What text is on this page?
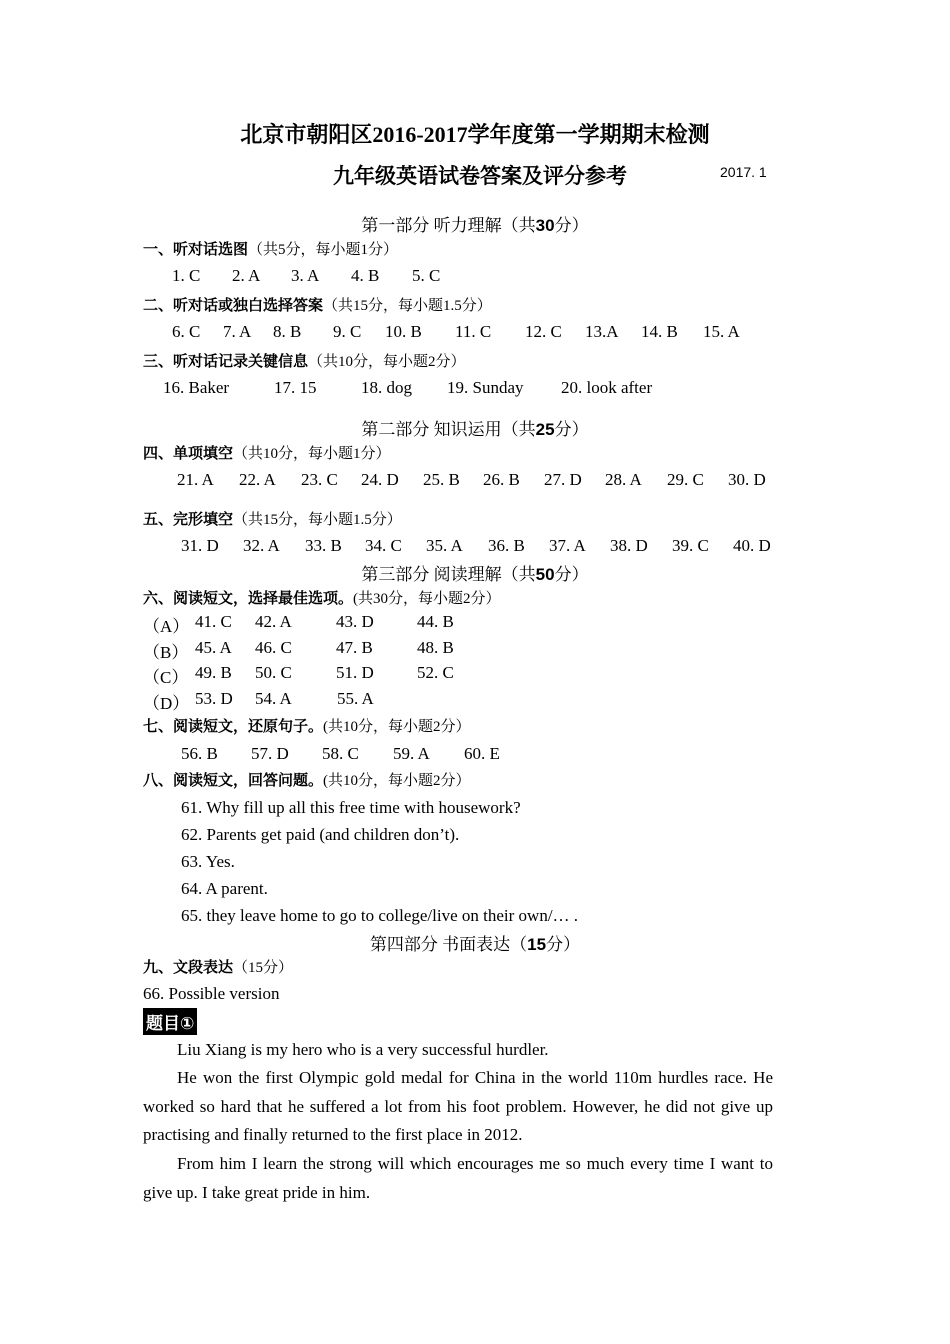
北京市朝阳区2016-2017学年度第一学期期末检测
九年级英语试卷答案及评分参考	2017. 1
第一部分 听力理解（共30分）
一、听对话选图（共5分，每小题1分）
1. C	2. A	3. A	4. B	5. C
二、听对话或独白选择答案（共15分，每小题1.5分）
6. C	7. A	8. B	9. C	10. B	11. C	12. C	13.A	14. B	15. A
三、听对话记录关键信息（共10分，每小题2分）
16. Baker	17. 15	18. dog	19. Sunday	20. look after
第二部分 知识运用（共25分）
四、单项填空（共10分，每小题1分）
21. A	22. A	23. C	24. D	25. B	26. B	27. D	28. A	29. C	30. D
五、完形填空（共15分，每小题1.5分）
31. D	32. A	33. B	34. C	35. A	36. B	37. A	38. D	39. C	40. D
第三部分 阅读理解（共50分）
六、阅读短文，选择最佳选项。(共30分，每小题2分）
（A） 41. C	42. A	43. D	44. B
（B） 45. A	46. C	47. B	48. B
（C） 49. B	50. C	51. D	52. C
（D） 53. D	54. A	55. A
七、阅读短文，还原句子。(共10分，每小题2分）
56. B	57. D	58. C	59. A	60. E
八、阅读短文，回答问题。(共10分，每小题2分）
61. Why fill up all this free time with housework?
62. Parents get paid (and children don’t).
63. Yes.
64. A parent.
65. they leave home to go to college/live on their own/… .
第四部分 书面表达（15分）
九、文段表达（15分）
66. Possible version
题目①
Liu Xiang is my hero who is a very successful hurdler.
He won the first Olympic gold medal for China in the world 110m hurdles race. He worked so hard that he suffered a lot from his foot problem. However, he did not give up practising and finally returned to the first place in 2012.
From him I learn the strong will which encourages me so much every time I want to give up. I take great pride in him.
